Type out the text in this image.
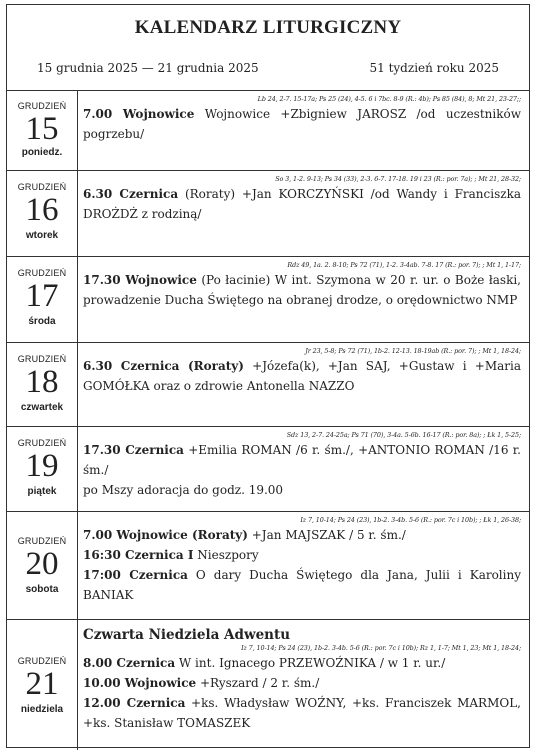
KALENDARZ LITURGICZNY
15 grudnia 2025 — 21 grudnia 2025	51 tydzień roku 2025
GRUDZIEŃ
15
poniedz.
Lb 24, 2-7. 15-17a; Ps 25 (24), 4-5. 6 i 7bc. 8-9 (R.: 4b); Ps 85 (84), 8; Mt 21, 23-27;;
7.00 Wojnowice Wojnowice +Zbigniew JAROSZ /od uczestników pogrzebu/
GRUDZIEŃ
16
wtorek
So 3, 1-2. 9-13; Ps 34 (33), 2-3. 6-7. 17-18. 19 i 23 (R.: por. 7a); ; Mt 21, 28-32;
6.30 Czernica (Roraty) +Jan KORCZYŃSKI /od Wandy i Franciszka DROŻDŻ z rodziną/
GRUDZIEŃ
17
środa
Rdz 49, 1a. 2. 8-10; Ps 72 (71), 1-2. 3-4ab. 7-8. 17 (R.: por. 7); ; Mt 1, 1-17;
17.30 Wojnowice (Po łacinie) W int. Szymona w 20 r. ur. o Boże łaski, prowadzenie Ducha Świętego na obranej drodze, o orędownictwo NMP
GRUDZIEŃ
18
czwartek
Jr 23, 5-8; Ps 72 (71), 1b-2. 12-13. 18-19ab (R.: por. 7); ; Mt 1, 18-24;
6.30 Czernica (Roraty) +Józefa(k), +Jan SAJ, +Gustaw i +Maria GOMÓŁKA oraz o zdrowie Antonella NAZZO
GRUDZIEŃ
19
piątek
Sdz 13, 2-7. 24-25a; Ps 71 (70), 3-4a. 5-6b. 16-17 (R.: por. 8a); ; Łk 1, 5-25;
17.30 Czernica +Emilia ROMAN /6 r. śm./, +ANTONIO ROMAN /16 r. śm./
po Mszy adoracja do godz. 19.00
GRUDZIEŃ
20
sobota
Iz 7, 10-14; Ps 24 (23), 1b-2. 3-4b. 5-6 (R.: por. 7c i 10b); ; Łk 1, 26-38;
7.00 Wojnowice (Roraty) +Jan MAJSZAK / 5 r. śm./
16:30 Czernica I Nieszpory
17:00 Czernica O dary Ducha Świętego dla Jana, Julii i Karoliny BANIAK
GRUDZIEŃ
21
niedziela
Czwarta Niedziela Adwentu
Iz 7, 10-14; Ps 24 (23), 1b-2. 3-4b. 5-6 (R.: por. 7c i 10b); Rz 1, 1-7; Mt 1, 23; Mt 1, 18-24;
8.00 Czernica W int. Ignacego PRZEWOŹNIKA / w 1 r. ur./
10.00 Wojnowice +Ryszard / 2 r. śm./
12.00 Czernica +ks. Władysław WOŹNY, +ks. Franciszek MARMOL, +ks. Stanisław TOMASZEK
